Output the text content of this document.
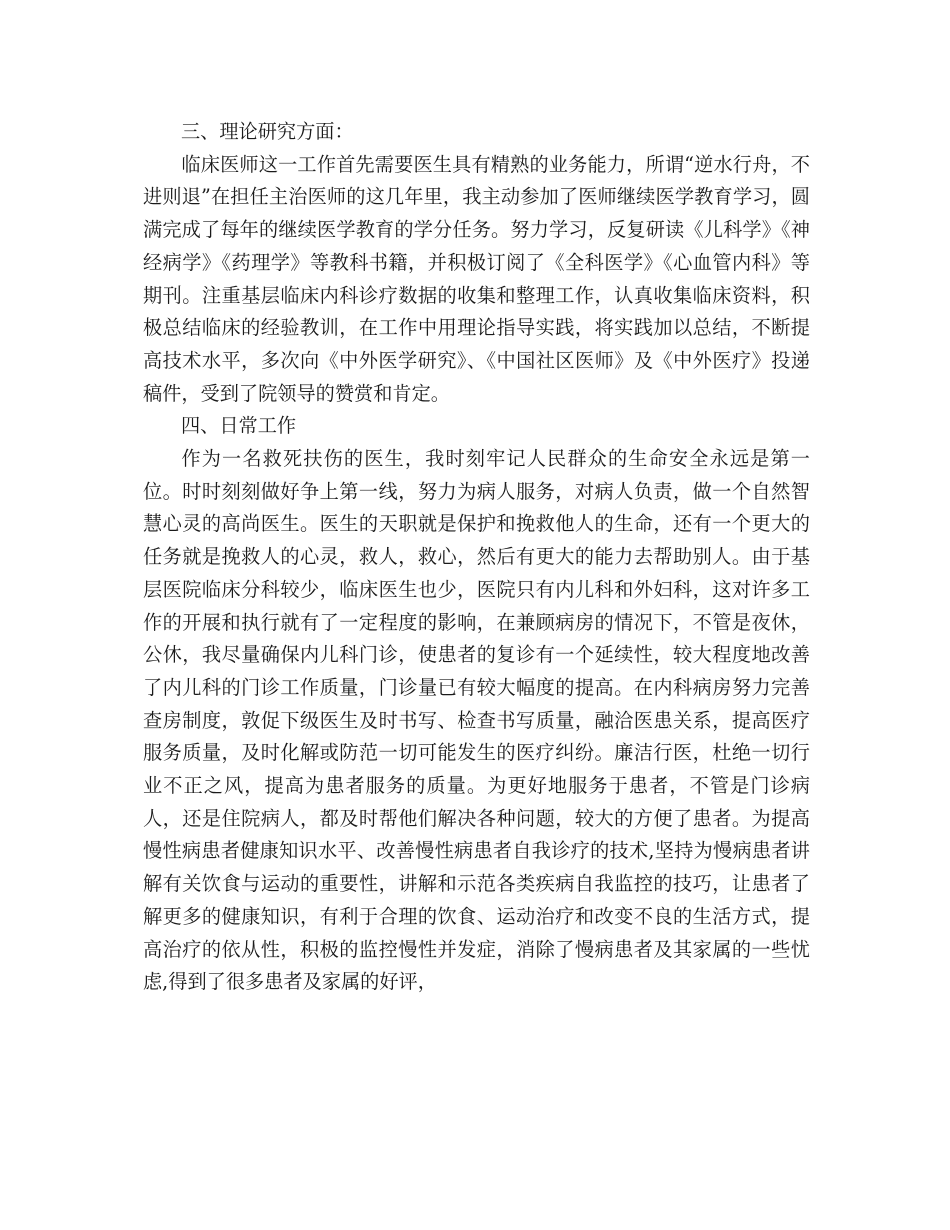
三、理论研究方面：

临床医师这一工作首先需要医生具有精熟的业务能力，所谓“逆水行舟，不进则退”在担任主治医师的这几年里，我主动参加了医师继续医学教育学习，圆满完成了每年的继续医学教育的学分任务。努力学习，反复研读《儿科学》《神经病学》《药理学》等教科书籍，并积极订阅了《全科医学》《心血管内科》等期刊。注重基层临床内科诊疗数据的收集和整理工作，认真收集临床资料，积极总结临床的经验教训，在工作中用理论指导实践，将实践加以总结，不断提高技术水平，多次向《中外医学研究》、《中国社区医师》及《中外医疗》投递稿件，受到了院领导的赞赏和肯定。

四、日常工作

作为一名救死扶伤的医生，我时刻牢记人民群众的生命安全永远是第一位。时时刻刻做好争上第一线，努力为病人服务，对病人负责，做一个自然智慧心灵的高尚医生。医生的天职就是保护和挽救他人的生命，还有一个更大的任务就是挽救人的心灵，救人，救心，然后有更大的能力去帮助别人。由于基层医院临床分科较少，临床医生也少，医院只有内儿科和外妇科，这对许多工作的开展和执行就有了一定程度的影响，在兼顾病房的情况下，不管是夜休，公休，我尽量确保内儿科门诊，使患者的复诊有一个延续性，较大程度地改善了内儿科的门诊工作质量，门诊量已有较大幅度的提高。在内科病房努力完善查房制度，敦促下级医生及时书写、检查书写质量，融洽医患关系，提高医疗服务质量，及时化解或防范一切可能发生的医疗纠纷。廉洁行医，杜绝一切行业不正之风，提高为患者服务的质量。为更好地服务于患者，不管是门诊病人，还是住院病人，都及时帮他们解决各种问题，较大的方便了患者。为提高慢性病患者健康知识水平、改善慢性病患者自我诊疗的技术,坚持为慢病患者讲解有关饮食与运动的重要性，讲解和示范各类疾病自我监控的技巧，让患者了解更多的健康知识，有利于合理的饮食、运动治疗和改变不良的生活方式，提高治疗的依从性，积极的监控慢性并发症，消除了慢病患者及其家属的一些忧虑,得到了很多患者及家属的好评，
